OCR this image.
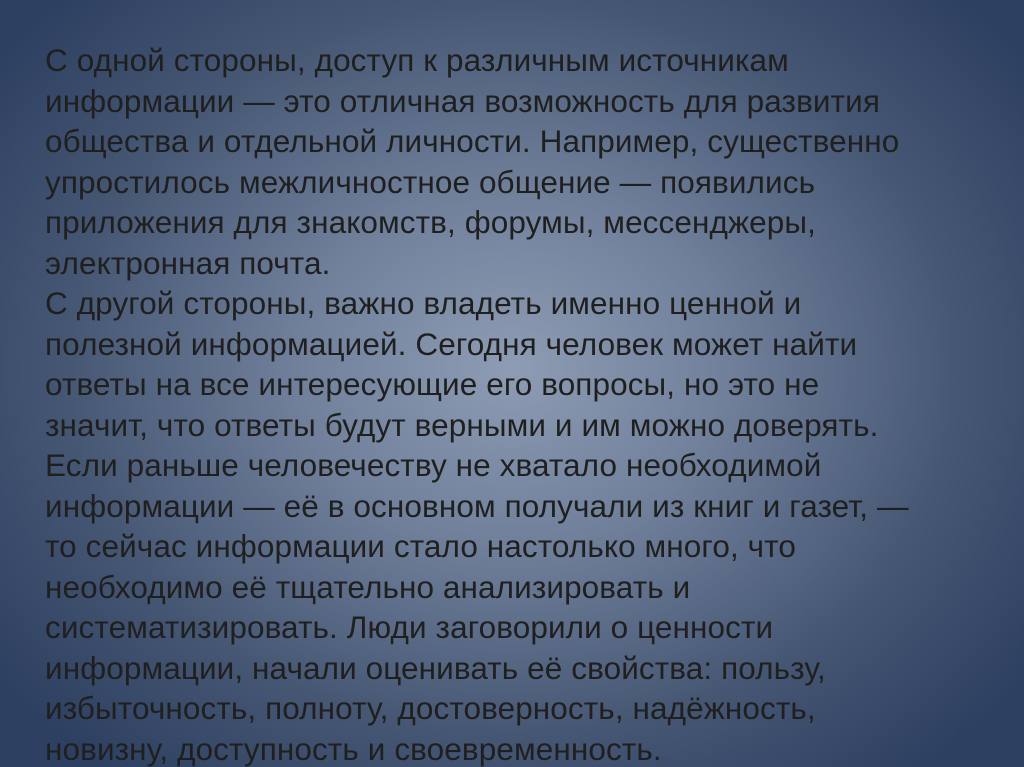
С одной стороны, доступ к различным источникам
информации — это отличная возможность для развития
общества и отдельной личности. Например, существенно
упростилось межличностное общение — появились
приложения для знакомств, форумы, мессенджеры,
электронная почта.
С другой стороны, важно владеть именно ценной и
полезной информацией. Сегодня человек может найти
ответы на все интересующие его вопросы, но это не
значит, что ответы будут верными и им можно доверять.
Если раньше человечеству не хватало необходимой
информации — её в основном получали из книг и газет, —
то сейчас информации стало настолько много, что
необходимо её тщательно анализировать и
систематизировать. Люди заговорили о ценности
информации, начали оценивать её свойства: пользу,
избыточность, полноту, достоверность, надёжность,
новизну, доступность и своевременность.
